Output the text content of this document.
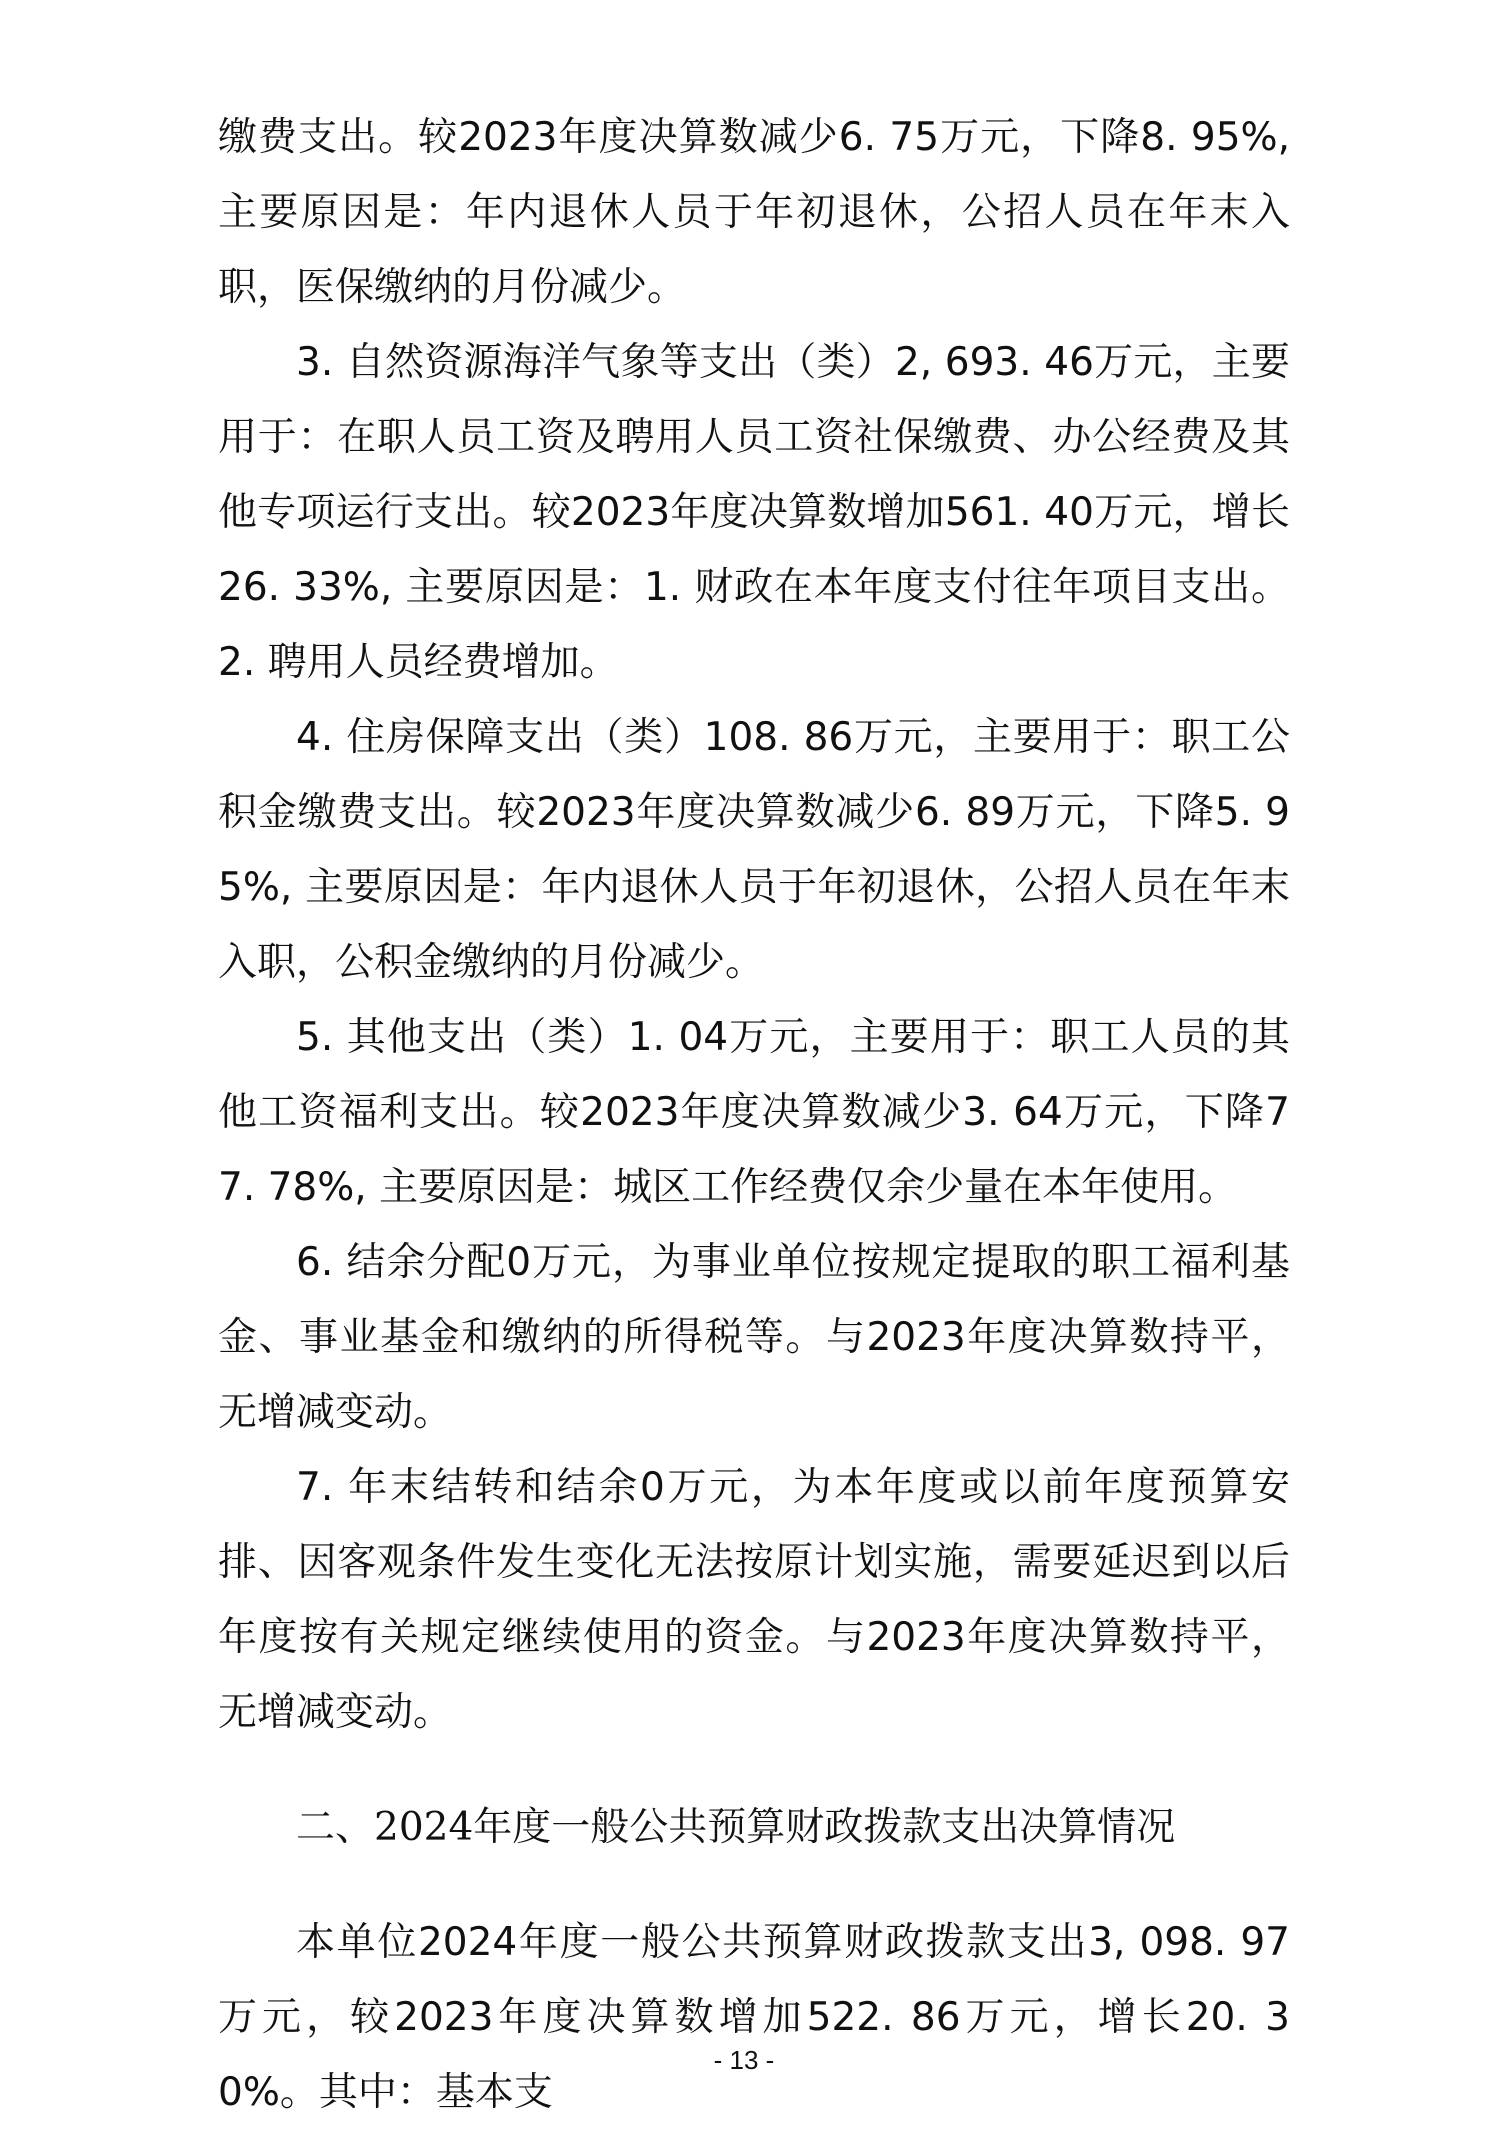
缴费支出。较2023年度决算数减少6. 75万元，下降8. 95%, 主要原因是：年内退休人员于年初退休，公招人员在年末入职，医保缴纳的月份减少。

3. 自然资源海洋气象等支出（类）2, 693. 46万元，主要用于：在职人员工资及聘用人员工资社保缴费、办公经费及其他专项运行支出。较2023年度决算数增加561. 40万元，增长26. 33%, 主要原因是：1. 财政在本年度支付往年项目支出。2. 聘用人员经费增加。

4. 住房保障支出（类）108. 86万元，主要用于：职工公积金缴费支出。较2023年度决算数减少6. 89万元，下降5. 95%, 主要原因是：年内退休人员于年初退休，公招人员在年末入职，公积金缴纳的月份减少。

5. 其他支出（类）1. 04万元，主要用于：职工人员的其他工资福利支出。较2023年度决算数减少3. 64万元，下降77. 78%, 主要原因是：城区工作经费仅余少量在本年使用。

6. 结余分配0万元，为事业单位按规定提取的职工福利基金、事业基金和缴纳的所得税等。与2023年度决算数持平，无增减变动。

7. 年末结转和结余0万元，为本年度或以前年度预算安排、因客观条件发生变化无法按原计划实施，需要延迟到以后年度按有关规定继续使用的资金。与2023年度决算数持平，无增减变动。

二、2024年度一般公共预算财政拨款支出决算情况

本单位2024年度一般公共预算财政拨款支出3, 098. 97万元，较2023年度决算数增加522. 86万元，增长20. 30%。其中：基本支

- 13 -
